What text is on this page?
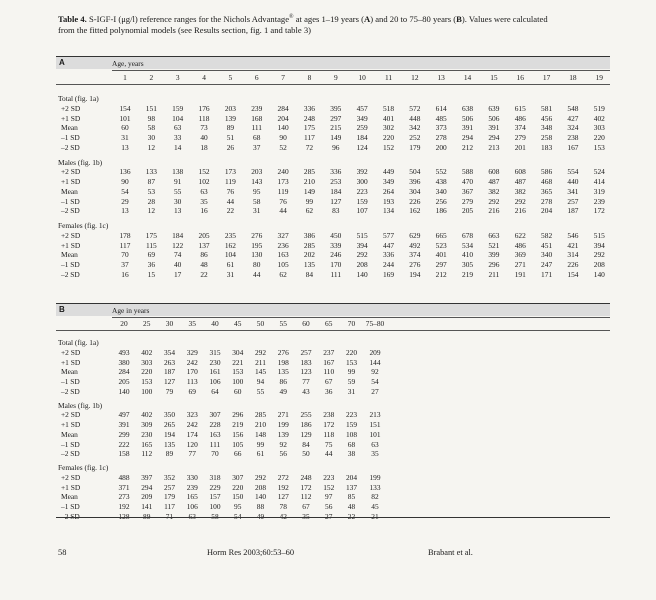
Table 4. S-IGF-I (μg/l) reference ranges for the Nichols Advantage® at ages 1–19 years (A) and 20 to 75–80 years (B). Values were calculated
from the fitted polynomial models (see Results section, fig. 1 and table 3)
A	Age, years
1	2	3	4	5	6	7	8	9	10	11	12	13	14	15	16	17	18	19
Total (fig. 1a)
+2 SD	154	151	159	176	203	239	284	336	395	457	518	572	614	638	639	615	581	548	519
+1 SD	101	98	104	118	139	168	204	248	297	349	401	448	485	506	506	486	456	427	402
Mean	60	58	63	73	89	111	140	175	215	259	302	342	373	391	391	374	348	324	303
–1 SD	31	30	33	40	51	68	90	117	149	184	220	252	278	294	294	279	258	238	220
–2 SD	13	12	14	18	26	37	52	72	96	124	152	179	200	212	213	201	183	167	153
Males (fig. 1b)
+2 SD	136	133	138	152	173	203	240	285	336	392	449	504	552	588	608	608	586	554	524
+1 SD	90	87	91	102	119	143	173	210	253	300	349	396	438	470	487	487	468	440	414
Mean	54	53	55	63	76	95	119	149	184	223	264	304	340	367	382	382	365	341	319
–1 SD	29	28	30	35	44	58	76	99	127	159	193	226	256	279	292	292	278	257	239
–2 SD	13	12	13	16	22	31	44	62	83	107	134	162	186	205	216	216	204	187	172
Females (fig. 1c)
+2 SD	178	175	184	205	235	276	327	386	450	515	577	629	665	678	663	622	582	546	515
+1 SD	117	115	122	137	162	195	236	285	339	394	447	492	523	534	521	486	451	421	394
Mean	70	69	74	86	104	130	163	202	246	292	336	374	401	410	399	369	340	314	292
–1 SD	37	36	40	48	61	80	105	135	170	208	244	276	297	305	296	271	247	226	208
–2 SD	16	15	17	22	31	44	62	84	111	140	169	194	212	219	211	191	171	154	140
B	Age in years
20	25	30	35	40	45	50	55	60	65	70	75–80
Total (fig. 1a)
+2 SD	493	402	354	329	315	304	292	276	257	237	220	209
+1 SD	380	303	263	242	230	221	211	198	183	167	153	144
Mean	284	220	187	170	161	153	145	135	123	110	99	92
–1 SD	205	153	127	113	106	100	94	86	77	67	59	54
–2 SD	140	100	79	69	64	60	55	49	43	36	31	27
Males (fig. 1b)
+2 SD	497	402	350	323	307	296	285	271	255	238	223	213
+1 SD	391	309	265	242	228	219	210	199	186	172	159	151
Mean	299	230	194	174	163	156	148	139	129	118	108	101
–1 SD	222	165	135	120	111	105	99	92	84	75	68	63
–2 SD	158	112	89	77	70	66	61	56	50	44	38	35
Females (fig. 1c)
+2 SD	488	397	352	330	318	307	292	272	248	223	204	199
+1 SD	371	294	257	239	229	220	208	192	172	152	137	133
Mean	273	209	179	165	157	150	140	127	112	97	85	82
–1 SD	192	141	117	106	100	95	88	78	67	56	48	45
–2 SD	128	89	71	63	58	54	49	42	35	27	22	21
58	Horm Res 2003;60:53–60	Brabant et al.
